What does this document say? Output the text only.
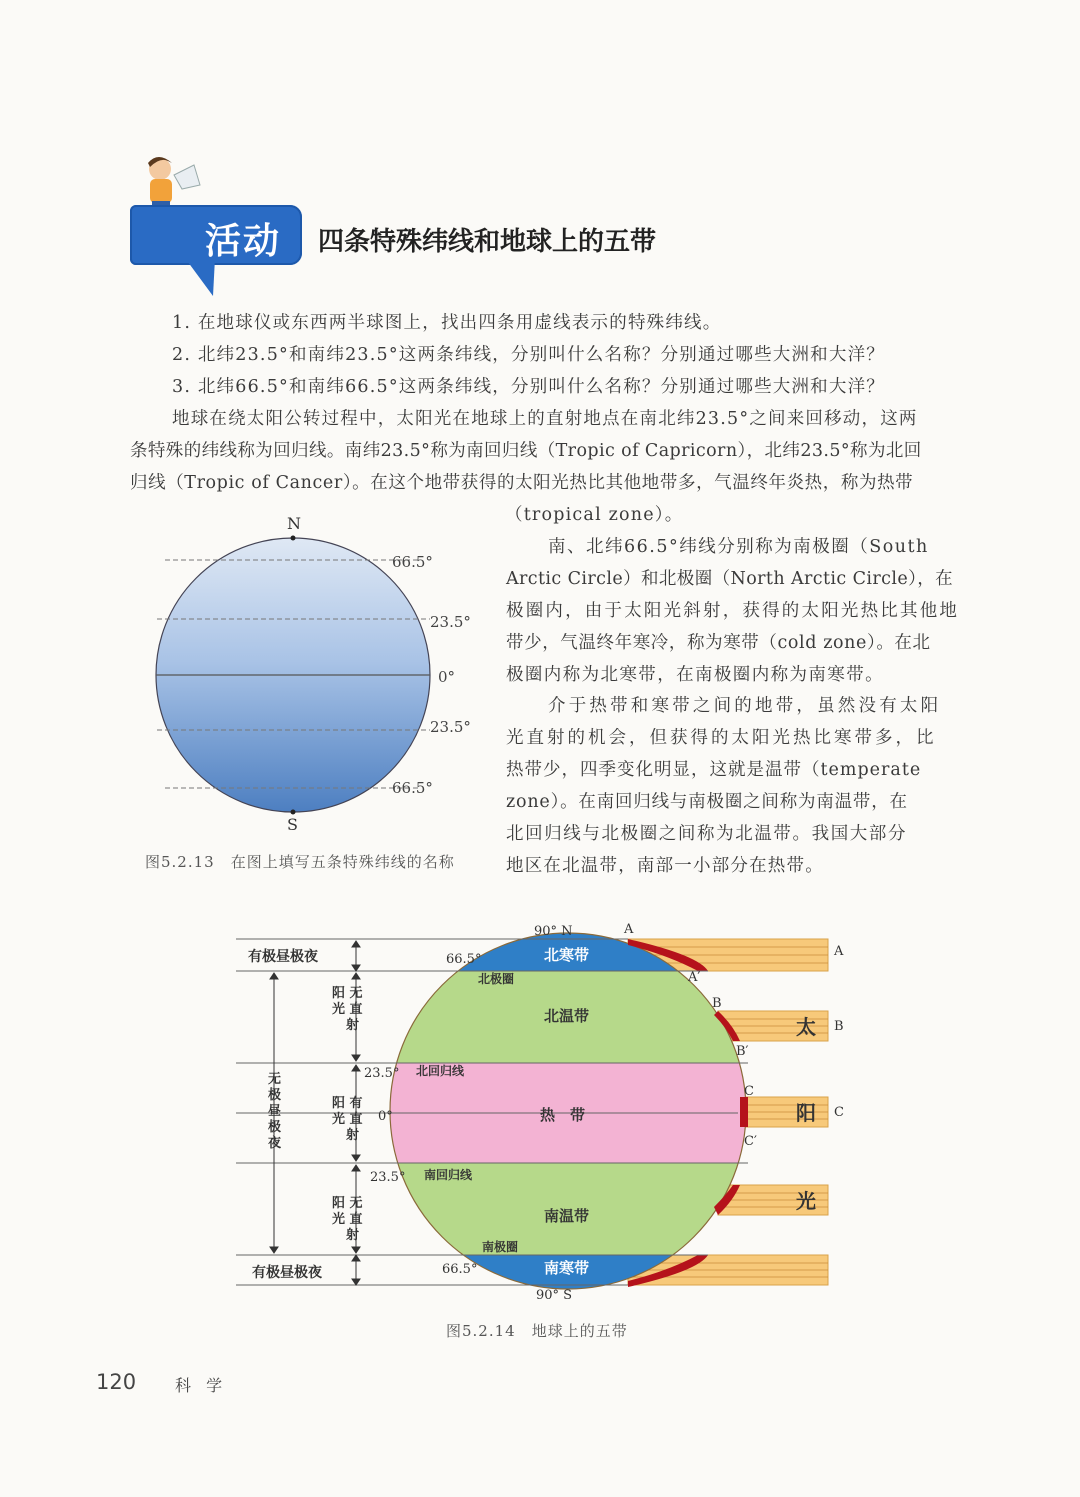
活动 四条特殊纬线和地球上的五带
1. 在地球仪或东西两半球图上，找出四条用虚线表示的特殊纬线。
2. 北纬23.5°和南纬23.5°这两条纬线，分别叫什么名称？分别通过哪些大洲和大洋？
3. 北纬66.5°和南纬66.5°这两条纬线，分别叫什么名称？分别通过哪些大洲和大洋？
地球在绕太阳公转过程中，太阳光在地球上的直射地点在南北纬23.5°之间来回移动，这两
条特殊的纬线称为回归线。南纬23.5°称为南回归线（Tropic of Capricorn），北纬23.5°称为北回
归线（Tropic of Cancer）。在这个地带获得的太阳光热比其他地带多，气温终年炎热，称为热带
（tropical zone）。
南、北纬66.5°纬线分别称为南极圈（South
Arctic Circle）和北极圈（North Arctic Circle），在
极圈内，由于太阳光斜射，获得的太阳光热比其他地
带少，气温终年寒冷，称为寒带（cold zone）。在北
极圈内称为北寒带，在南极圈内称为南寒带。
介于热带和寒带之间的地带，虽然没有太阳
光直射的机会，但获得的太阳光热比寒带多，比
热带少，四季变化明显，这就是温带（temperate
zone）。在南回归线与南极圈之间称为南温带，在
北回归线与北极圈之间称为北温带。我国大部分
地区在北温带，南部一小部分在热带。
N
S
66.5°
23.5°
0°
23.5°
66.5°
图5.2.13　在图上填写五条特殊纬线的名称
有极昼极夜
有极昼极夜
无极昼极夜
阳 无光 直射
阳 有光 直射
阳 无光 直射
66.5°
23.5°
0°
23.5°
66.5°
90° N
90° S
北极圈
北回归线
南回归线
南极圈
北寒带
北温带
热　带
南温带
南寒带
A
A′
B
B′
C
C′
A
B
C
太
阳
光
图5.2.14　地球上的五带
120 科 学
